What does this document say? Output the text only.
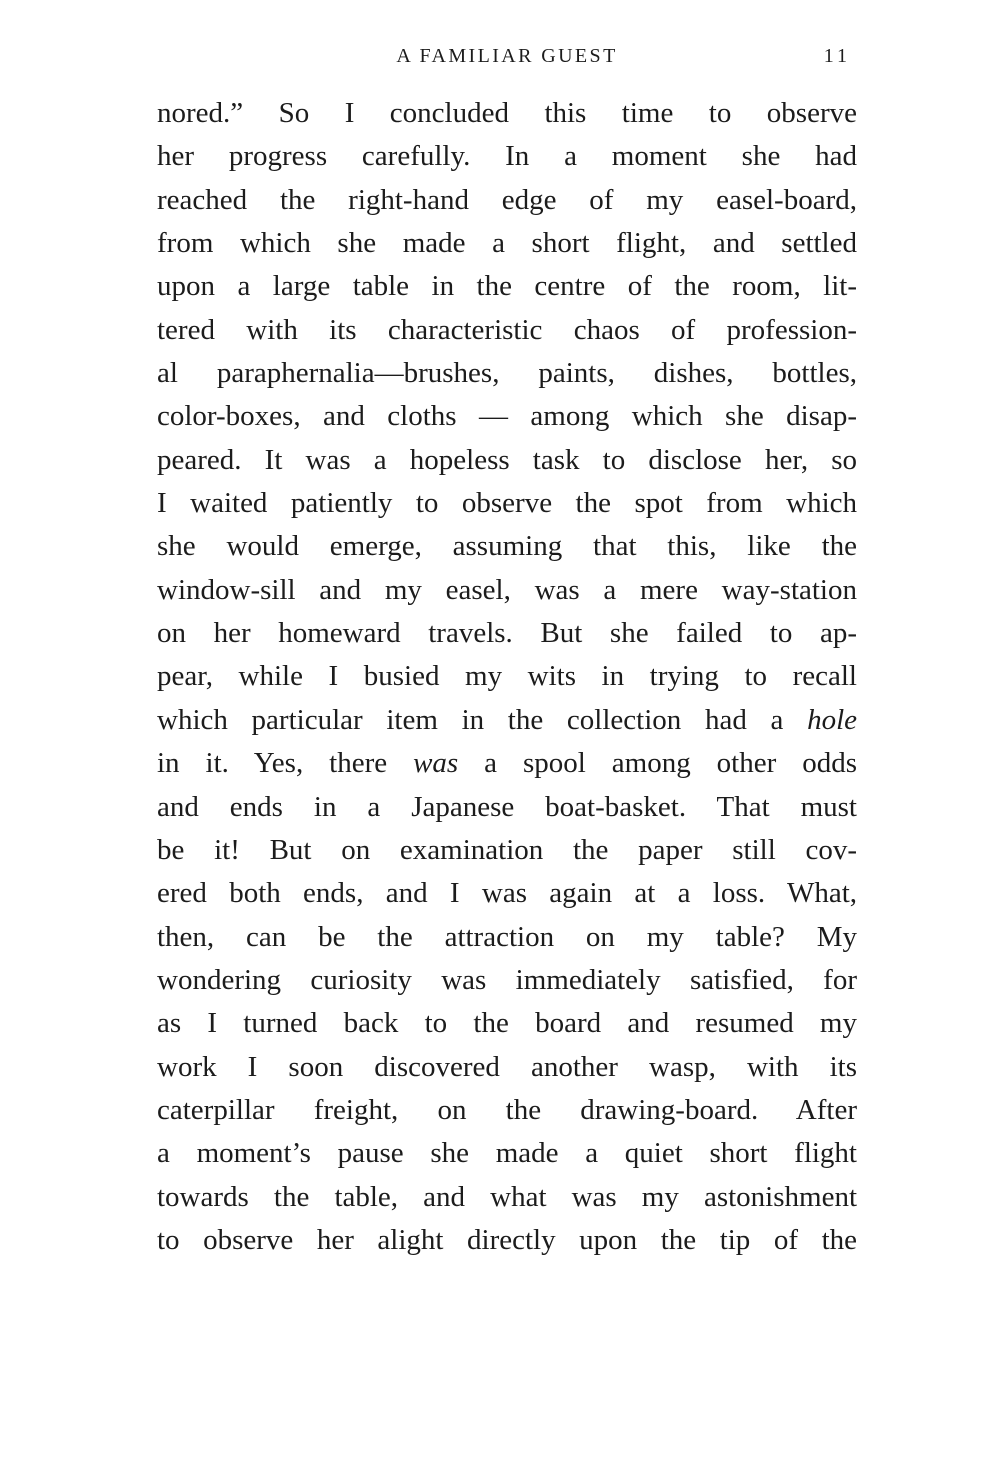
A FAMILIAR GUEST	11
nored.” So I concluded this time to observe
her progress carefully. In a moment she had
reached the right-hand edge of my easel-board,
from which she made a short flight, and settled
upon a large table in the centre of the room, lit-
tered with its characteristic chaos of profession-
al paraphernalia—brushes, paints, dishes, bottles,
color-boxes, and cloths — among which she disap-
peared. It was a hopeless task to disclose her, so
I waited patiently to observe the spot from which
she would emerge, assuming that this, like the
window-sill and my easel, was a mere way-station
on her homeward travels. But she failed to ap-
pear, while I busied my wits in trying to recall
which particular item in the collection had a hole
in it. Yes, there was a spool among other odds
and ends in a Japanese boat-basket. That must
be it! But on examination the paper still cov-
ered both ends, and I was again at a loss. What,
then, can be the attraction on my table? My
wondering curiosity was immediately satisfied, for
as I turned back to the board and resumed my
work I soon discovered another wasp, with its
caterpillar freight, on the drawing-board. After
a moment’s pause she made a quiet short flight
towards the table, and what was my astonishment
to observe her alight directly upon the tip of the
